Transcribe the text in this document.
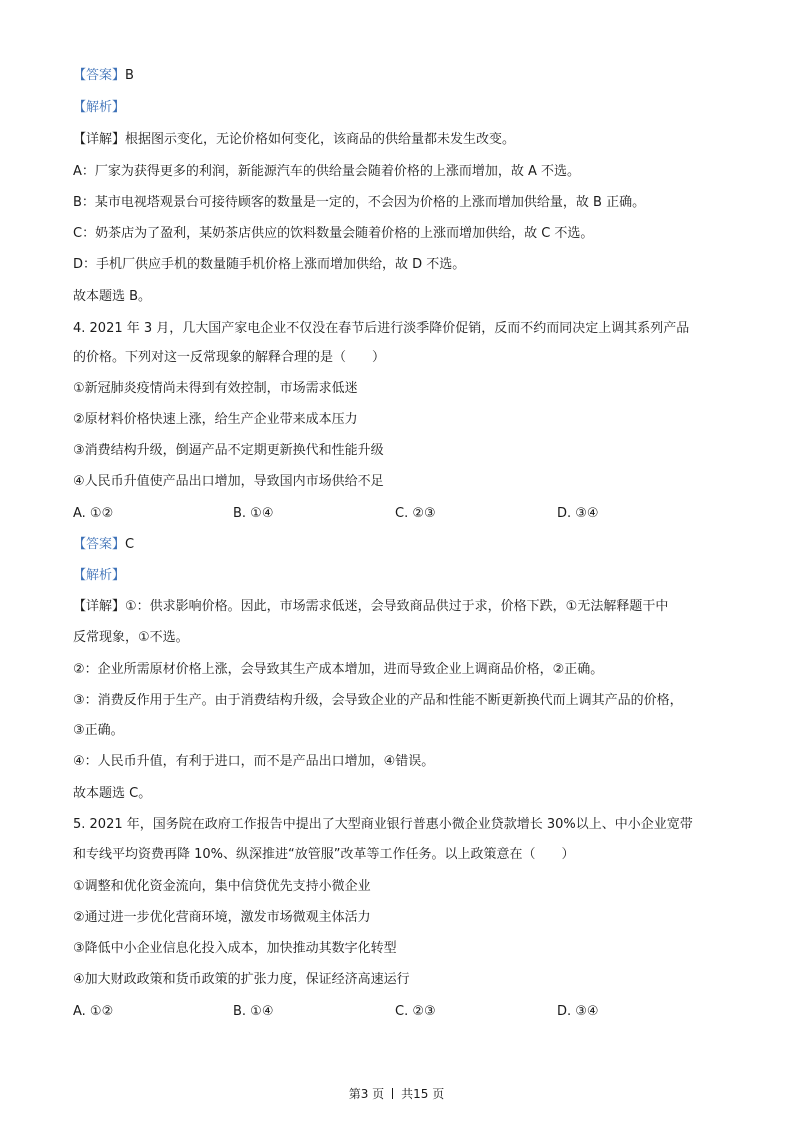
【答案】B
【解析】
【详解】根据图示变化，无论价格如何变化，该商品的供给量都未发生改变。
A：厂家为获得更多的利润，新能源汽车的供给量会随着价格的上涨而增加，故 A 不选。
B：某市电视塔观景台可接待顾客的数量是一定的，不会因为价格的上涨而增加供给量，故 B 正确。
C：奶茶店为了盈利，某奶茶店供应的饮料数量会随着价格的上涨而增加供给，故 C 不选。
D：手机厂供应手机的数量随手机价格上涨而增加供给，故 D 不选。
故本题选 B。
4. 2021 年 3 月，几大国产家电企业不仅没在春节后进行淡季降价促销，反而不约而同决定上调其系列产品
的价格。下列对这一反常现象的解释合理的是（　　）
①新冠肺炎疫情尚未得到有效控制，市场需求低迷
②原材料价格快速上涨，给生产企业带来成本压力
③消费结构升级，倒逼产品不定期更新换代和性能升级
④人民币升值使产品出口增加，导致国内市场供给不足
A. ①②	B. ①④	C. ②③	D. ③④
【答案】C
【解析】
【详解】①：供求影响价格。因此，市场需求低迷，会导致商品供过于求，价格下跌，①无法解释题干中
反常现象，①不选。
②：企业所需原材价格上涨，会导致其生产成本增加，进而导致企业上调商品价格，②正确。
③：消费反作用于生产。由于消费结构升级，会导致企业的产品和性能不断更新换代而上调其产品的价格，
③正确。
④：人民币升值，有利于进口，而不是产品出口增加，④错误。
故本题选 C。
5. 2021 年，国务院在政府工作报告中提出了大型商业银行普惠小微企业贷款增长 30%以上、中小企业宽带
和专线平均资费再降 10%、纵深推进“放管服”改革等工作任务。以上政策意在（　　）
①调整和优化资金流向，集中信贷优先支持小微企业
②通过进一步优化营商环境，激发市场微观主体活力
③降低中小企业信息化投入成本，加快推动其数字化转型
④加大财政政策和货币政策的扩张力度，保证经济高速运行
A. ①②	B. ①④	C. ②③	D. ③④
第3 页 共15 页
